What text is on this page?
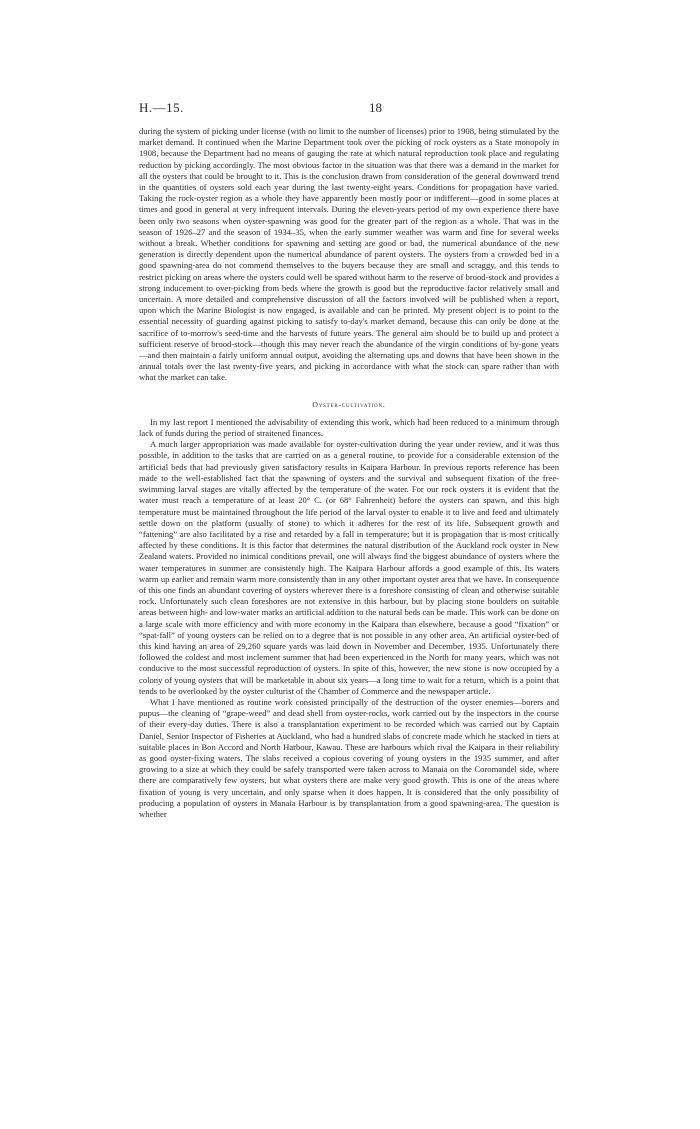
H.—15.	18

during the system of picking under license (with no limit to the number of licenses) prior to 1908, being stimulated by the market demand. It continued when the Marine Department took over the picking of rock oysters as a State monopoly in 1908, because the Department had no means of gauging the rate at which natural reproduction took place and regulating reduction by picking accordingly. The most obvious factor in the situation was that there was a demand in the market for all the oysters that could be brought to it. This is the conclusion drawn from consideration of the general downward trend in the quantities of oysters sold each year during the last twenty-eight years. Conditions for propagation have varied. Taking the rock-oyster region as a whole they have apparently been mostly poor or indifferent—good in some places at times and good in general at very infrequent intervals. During the eleven-years period of my own experience there have been only two seasons when oyster-spawning was good for the greater part of the region as a whole. That was in the season of 1926–27 and the season of 1934–35, when the early summer weather was warm and fine for several weeks without a break. Whether conditions for spawning and setting are good or bad, the numerical abundance of the new generation is directly dependent upon the numerical abundance of parent oysters. The oysters from a crowded bed in a good spawning-area do not commend themselves to the buyers because they are small and scraggy, and this tends to restrict picking on areas where the oysters could well be spared without harm to the reserve of brood-stock and provides a strong inducement to over-picking from beds where the growth is good but the reproductive factor relatively small and uncertain. A more detailed and comprehensive discussion of all the factors involved will be published when a report, upon which the Marine Biologist is now engaged, is available and can be printed. My present object is to point to the essential necessity of guarding against picking to satisfy to-day's market demand, because this can only be done at the sacrifice of to-morrow's seed-time and the harvests of future years. The general aim should be to build up and protect a sufficient reserve of brood-stock—though this may never reach the abundance of the virgin conditions of by-gone years—and then maintain a fairly uniform annual output, avoiding the alternating ups and downs that have been shown in the annual totals over the last twenty-five years, and picking in accordance with what the stock can spare rather than with what the market can take.

Oyster-cultivation.

In my last report I mentioned the advisability of extending this work, which had been reduced to a minimum through lack of funds during the period of straitened finances.

A much larger appropriation was made available for oyster-cultivation during the year under review, and it was thus possible, in addition to the tasks that are carried on as a general routine, to provide for a considerable extension of the artificial beds that had previously given satisfactory results in Kaipara Harbour. In previous reports reference has been made to the well-established fact that the spawning of oysters and the survival and subsequent fixation of the free-swimming larval stages are vitally affected by the temperature of the water. For our rock oysters it is evident that the water must reach a temperature of at least 20° C. (or 68° Fahrenheit) before the oysters can spawn, and this high temperature must be maintained throughout the life period of the larval oyster to enable it to live and feed and ultimately settle down on the platform (usually of stone) to which it adheres for the rest of its life. Subsequent growth and “fattening” are also facilitated by a rise and retarded by a fall in temperature; but it is propagation that is most critically affected by these conditions. It is this factor that determines the natural distribution of the Auckland rock oyster in New Zealand waters. Provided no inimical conditions prevail, one will always find the biggest abundance of oysters where the water temperatures in summer are consistently high. The Kaipara Harbour affords a good example of this. Its waters warm up earlier and remain warm more consistently than in any other important oyster area that we have. In consequence of this one finds an abundant covering of oysters wherever there is a foreshore consisting of clean and otherwise suitable rock. Unfortunately such clean foreshores are not extensive in this harbour, but by placing stone boulders on suitable areas between high- and low-water marks an artificial addition to the natural beds can be made. This work can be done on a large scale with more efficiency and with more economy in the Kaipara than elsewhere, because a good “fixation” or “spat-fall” of young oysters can be relied on to a degree that is not possible in any other area. An artificial oyster-bed of this kind having an area of 29,260 square yards was laid down in November and December, 1935. Unfortunately there followed the coldest and most inclement summer that had been experienced in the North for many years, which was not conducive to the most successful reproduction of oysters. In spite of this, however, the new stone is now occupied by a colony of young oysters that will be marketable in about six years—a long time to wait for a return, which is a point that tends to be overlooked by the oyster culturist of the Chamber of Commerce and the newspaper article.

What I have mentioned as routine work consisted principally of the destruction of the oyster enemies—borers and pupus—the cleaning of “grape-weed” and dead shell from oyster-rocks, work carried out by the inspectors in the course of their every-day duties. There is also a transplantation experiment to be recorded which was carried out by Captain Daniel, Senior Inspector of Fisheries at Auckland, who had a hundred slabs of concrete made which he stacked in tiers at suitable places in Bon Accord and North Harbour, Kawau. These are harbours which rival the Kaipara in their reliability as good oyster-fixing waters. The slabs received a copious covering of young oysters in the 1935 summer, and after growing to a size at which they could be safely transported were taken across to Manaia on the Coromandel side, where there are comparatively few oysters, but what oysters there are make very good growth. This is one of the areas where fixation of young is very uncertain, and only sparse when it does happen. It is considered that the only possibility of producing a population of oysters in Manaia Harbour is by transplantation from a good spawning-area. The question is whether
